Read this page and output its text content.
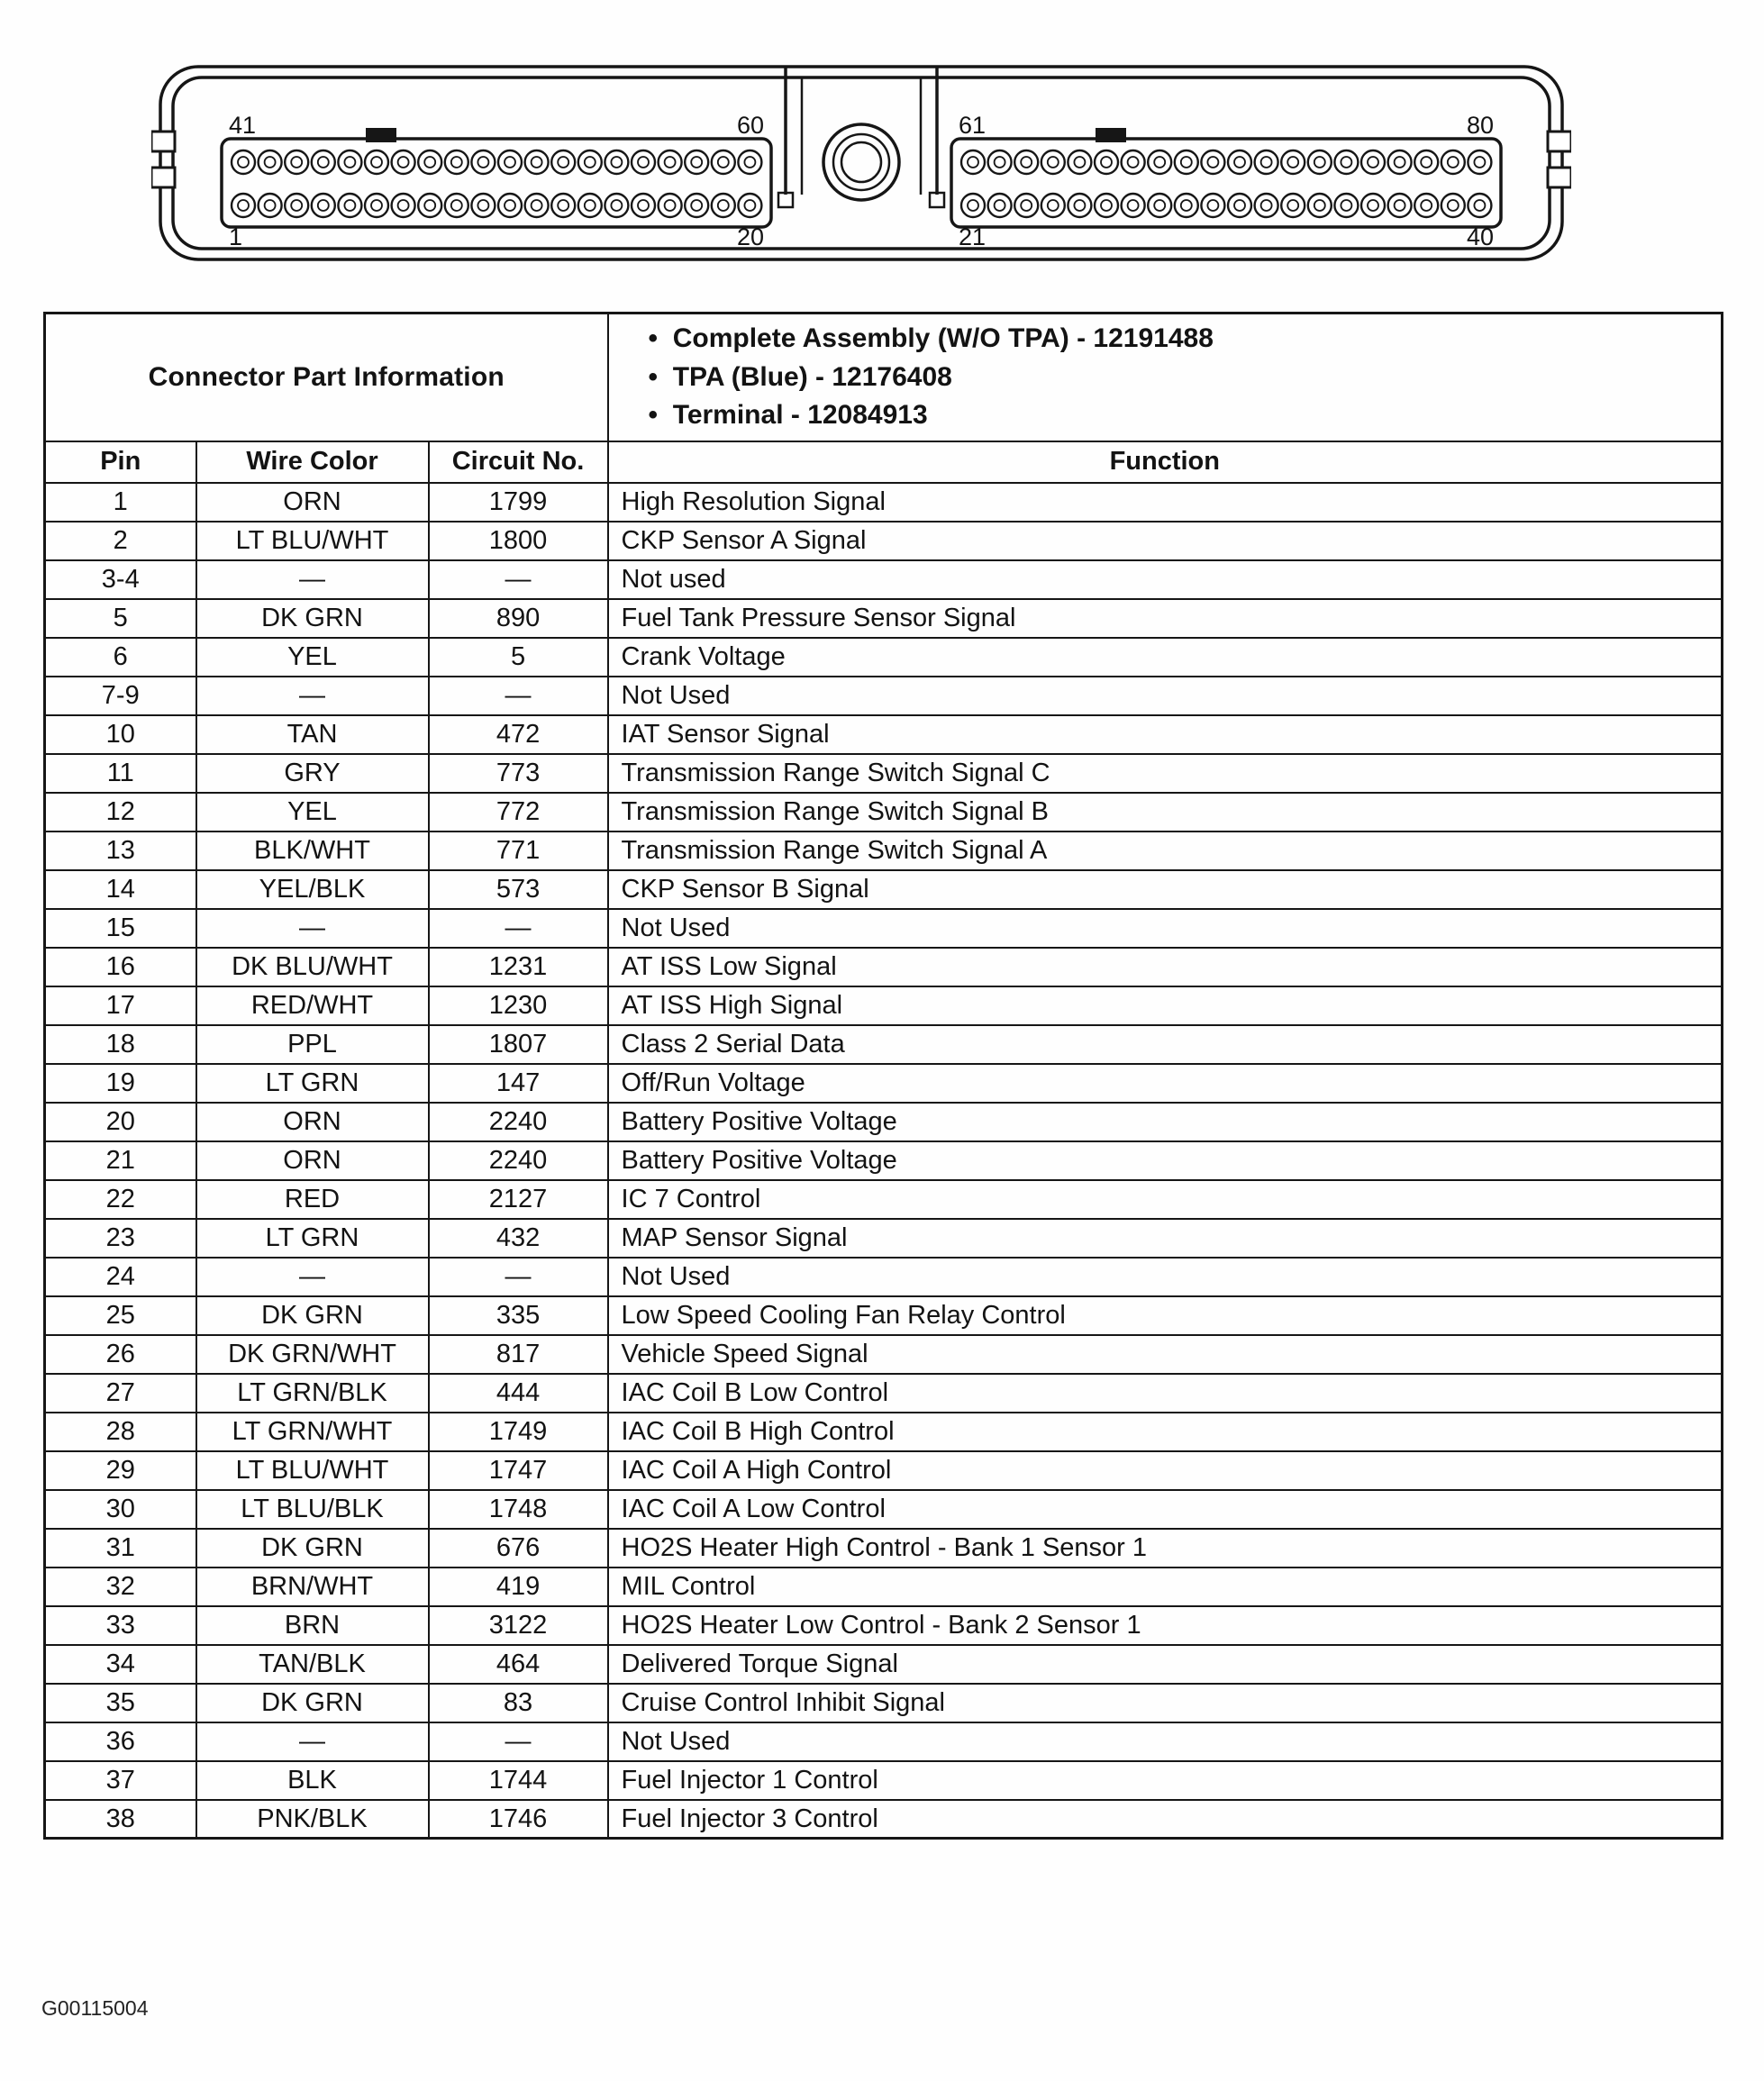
41	60
1	20
61	80
21	40
Connector Part Information	
•  Complete Assembly (W/O TPA) - 12191488
•  TPA (Blue) - 12176408
•  Terminal - 12084913

Pin	Wire Color	Circuit No.	Function
1	ORN	1799	High Resolution Signal
2	LT BLU/WHT	1800	CKP Sensor A Signal
3-4	—	—	Not used
5	DK GRN	890	Fuel Tank Pressure Sensor Signal
6	YEL	5	Crank Voltage
7-9	—	—	Not Used
10	TAN	472	IAT Sensor Signal
11	GRY	773	Transmission Range Switch Signal C
12	YEL	772	Transmission Range Switch Signal B
13	BLK/WHT	771	Transmission Range Switch Signal A
14	YEL/BLK	573	CKP Sensor B Signal
15	—	—	Not Used
16	DK BLU/WHT	1231	AT ISS Low Signal
17	RED/WHT	1230	AT ISS High Signal
18	PPL	1807	Class 2 Serial Data
19	LT GRN	147	Off/Run Voltage
20	ORN	2240	Battery Positive Voltage
21	ORN	2240	Battery Positive Voltage
22	RED	2127	IC 7 Control
23	LT GRN	432	MAP Sensor Signal
24	—	—	Not Used
25	DK GRN	335	Low Speed Cooling Fan Relay Control
26	DK GRN/WHT	817	Vehicle Speed Signal
27	LT GRN/BLK	444	IAC Coil B Low Control
28	LT GRN/WHT	1749	IAC Coil B High Control
29	LT BLU/WHT	1747	IAC Coil A High Control
30	LT BLU/BLK	1748	IAC Coil A Low Control
31	DK GRN	676	HO2S Heater High Control - Bank 1 Sensor 1
32	BRN/WHT	419	MIL Control
33	BRN	3122	HO2S Heater Low Control - Bank 2 Sensor 1
34	TAN/BLK	464	Delivered Torque Signal
35	DK GRN	83	Cruise Control Inhibit Signal
36	—	—	Not Used
37	BLK	1744	Fuel Injector 1 Control
38	PNK/BLK	1746	Fuel Injector 3 Control
G00115004
